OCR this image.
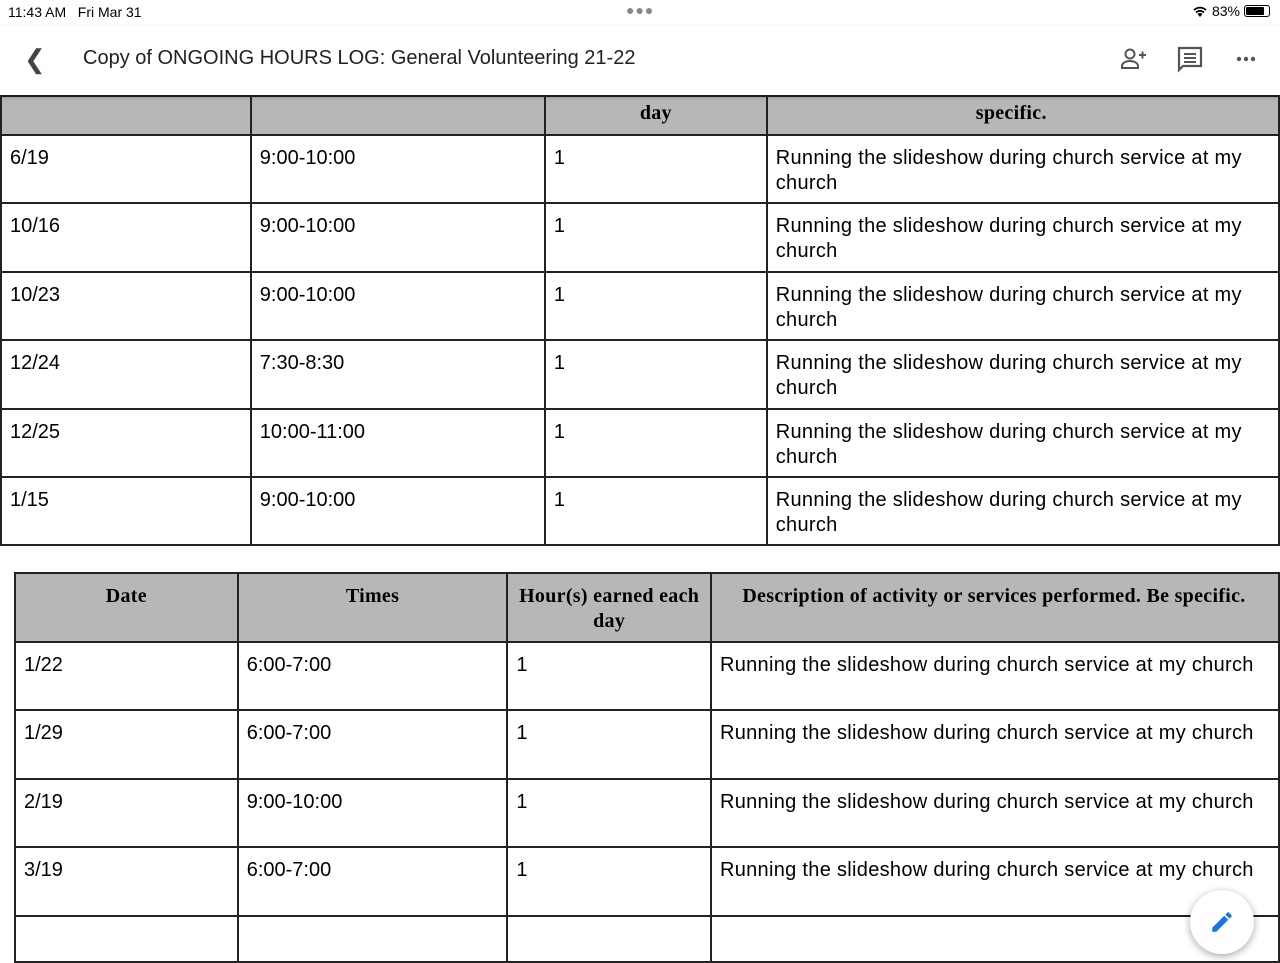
11:43 AM Fri Mar 31	●●●	83%
❮ Copy of ONGOING HOURS LOG: General Volunteering 21-22
		day	specific.
6/19	9:00-10:00	1	Running the slideshow during church service at my church
10/16	9:00-10:00	1	Running the slideshow during church service at my church
10/23	9:00-10:00	1	Running the slideshow during church service at my church
12/24	7:30-8:30	1	Running the slideshow during church service at my church
12/25	10:00-11:00	1	Running the slideshow during church service at my church
1/15	9:00-10:00	1	Running the slideshow during church service at my church
Date	Times	Hour(s) earned each day	Description of activity or services performed. Be specific.

1/22	6:00-7:00	1	Running the slideshow during church service at my church
1/29	6:00-7:00	1	Running the slideshow during church service at my church
2/19	9:00-10:00	1	Running the slideshow during church service at my church
3/19	6:00-7:00	1	Running the slideshow during church service at my church
